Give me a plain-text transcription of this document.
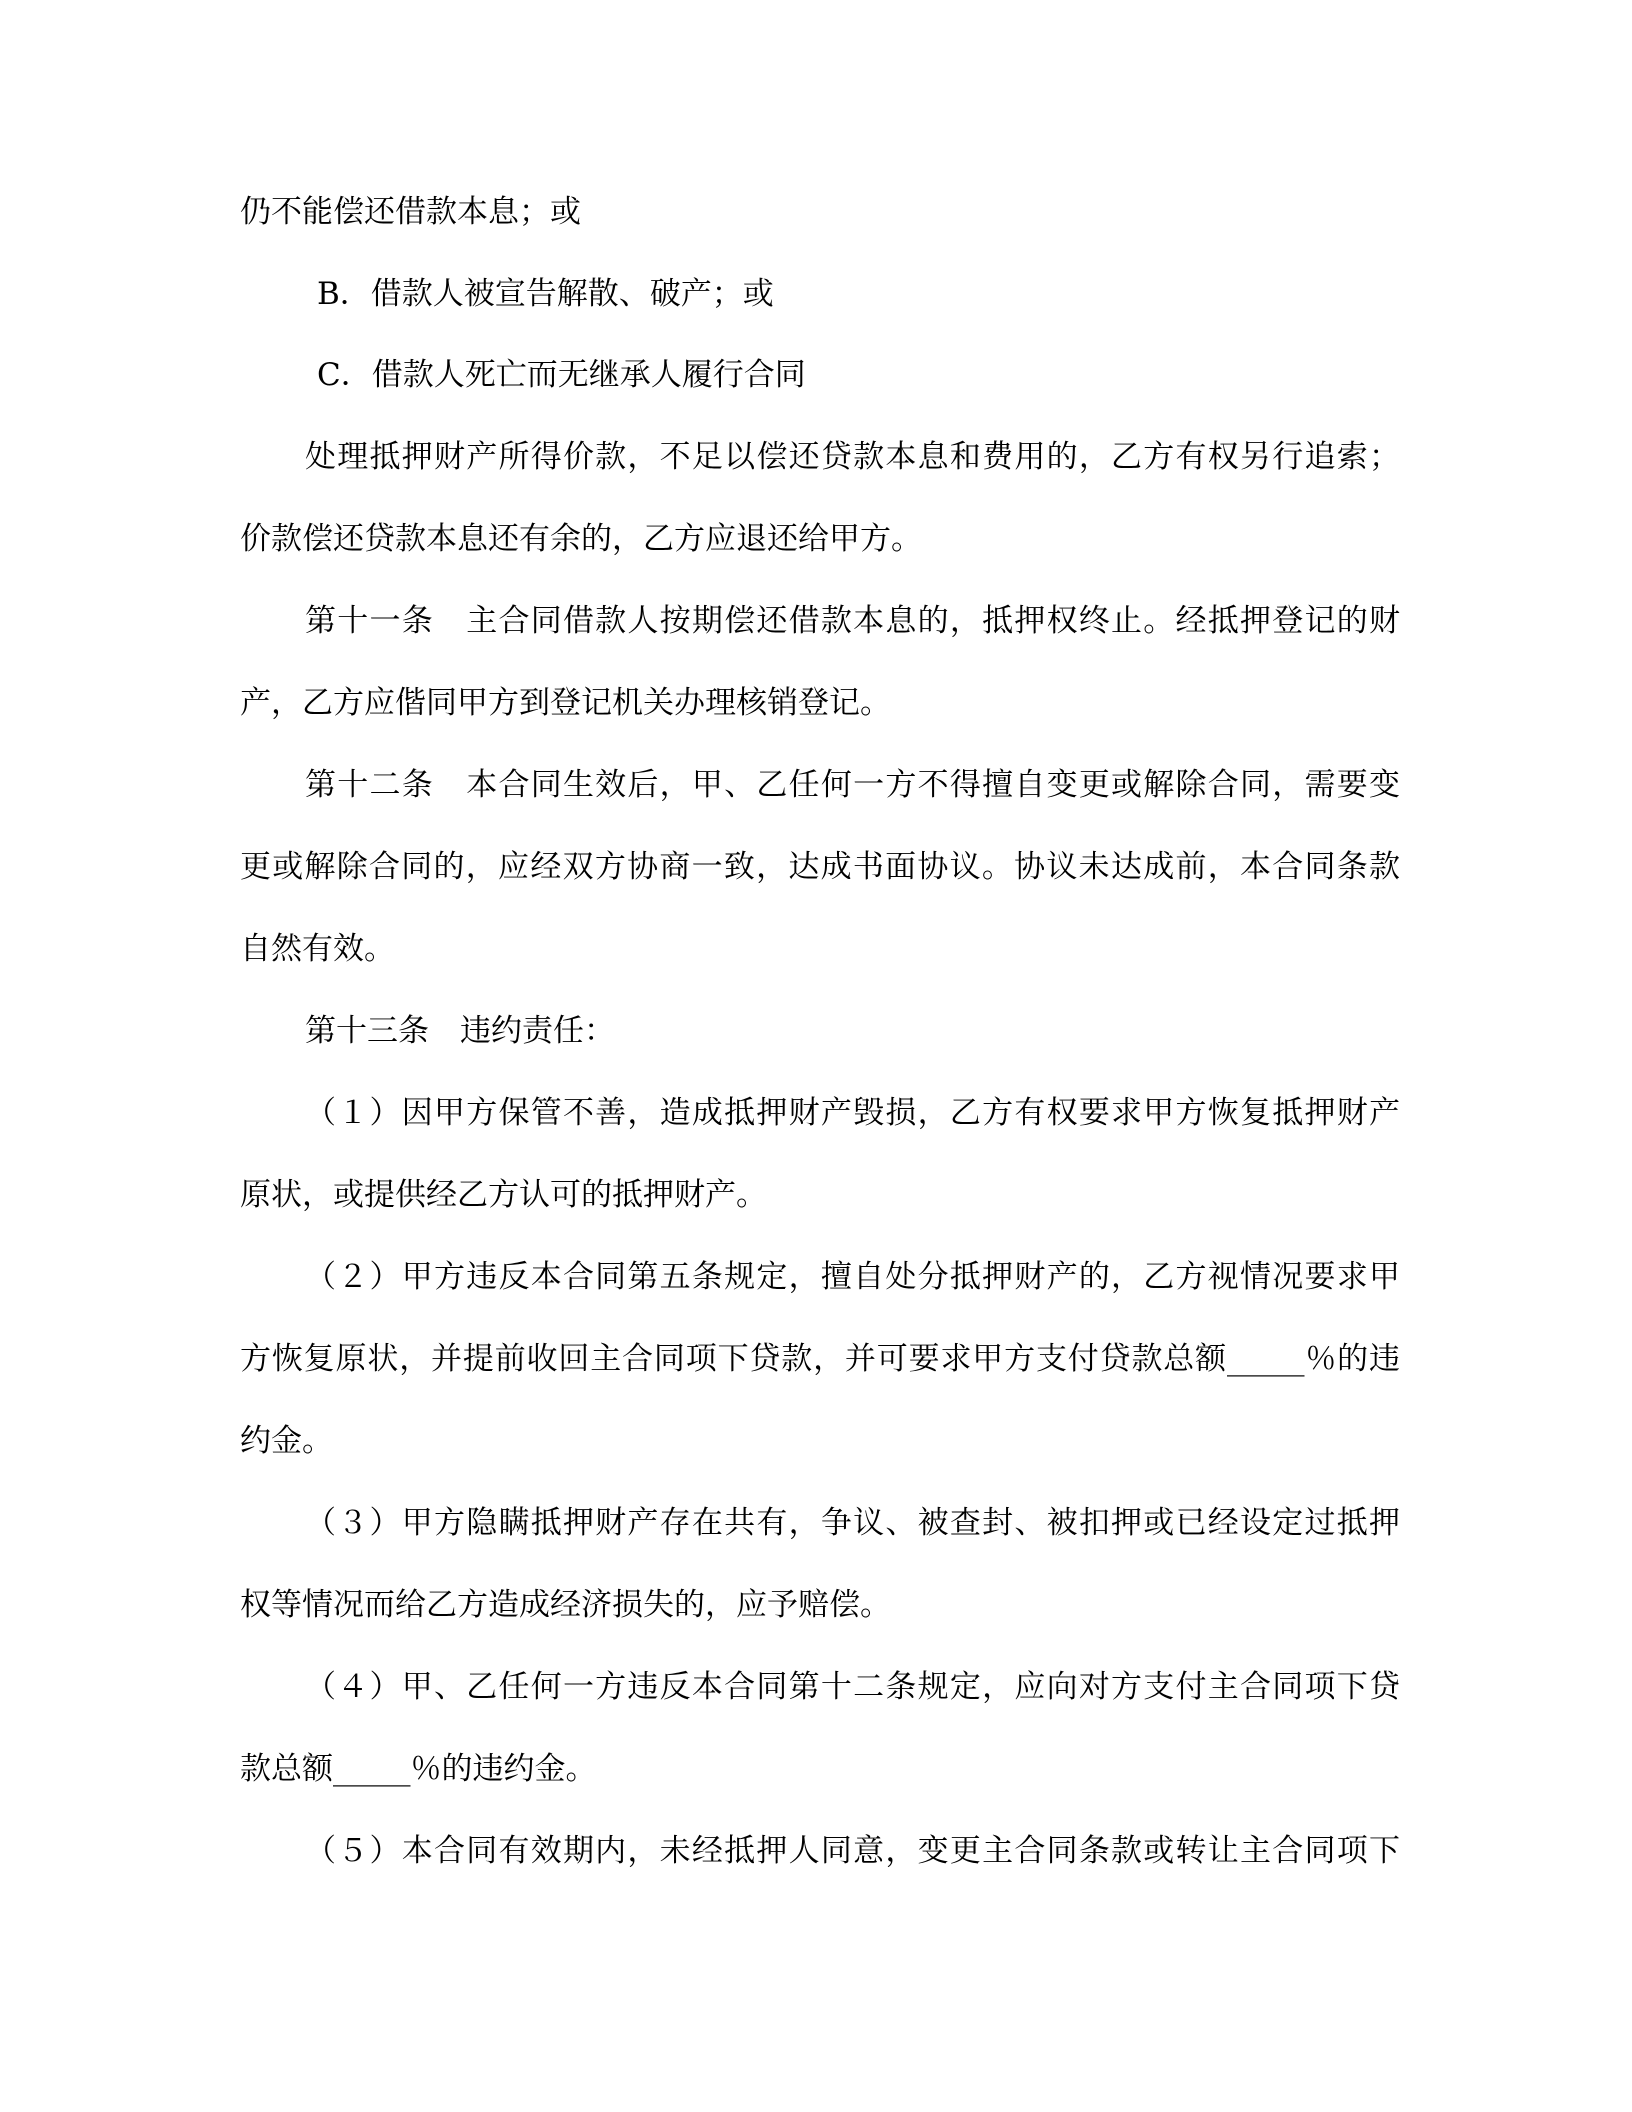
仍不能偿还借款本息；或
B．借款人被宣告解散、破产；或
C．借款人死亡而无继承人履行合同
处理抵押财产所得价款，不足以偿还贷款本息和费用的，乙方有权另行追索；
价款偿还贷款本息还有余的，乙方应退还给甲方。
第十一条　主合同借款人按期偿还借款本息的，抵押权终止。经抵押登记的财
产，乙方应偕同甲方到登记机关办理核销登记。
第十二条　本合同生效后，甲、乙任何一方不得擅自变更或解除合同，需要变
更或解除合同的，应经双方协商一致，达成书面协议。协议未达成前，本合同条款
自然有效。
第十三条　违约责任：
（１）因甲方保管不善，造成抵押财产毁损，乙方有权要求甲方恢复抵押财产
原状，或提供经乙方认可的抵押财产。
（２）甲方违反本合同第五条规定，擅自处分抵押财产的，乙方视情况要求甲
方恢复原状，并提前收回主合同项下贷款，并可要求甲方支付贷款总额_____％的违
约金。
（３）甲方隐瞒抵押财产存在共有，争议、被查封、被扣押或已经设定过抵押
权等情况而给乙方造成经济损失的，应予赔偿。
（４）甲、乙任何一方违反本合同第十二条规定，应向对方支付主合同项下贷
款总额_____％的违约金。
（５）本合同有效期内，未经抵押人同意，变更主合同条款或转让主合同项下
